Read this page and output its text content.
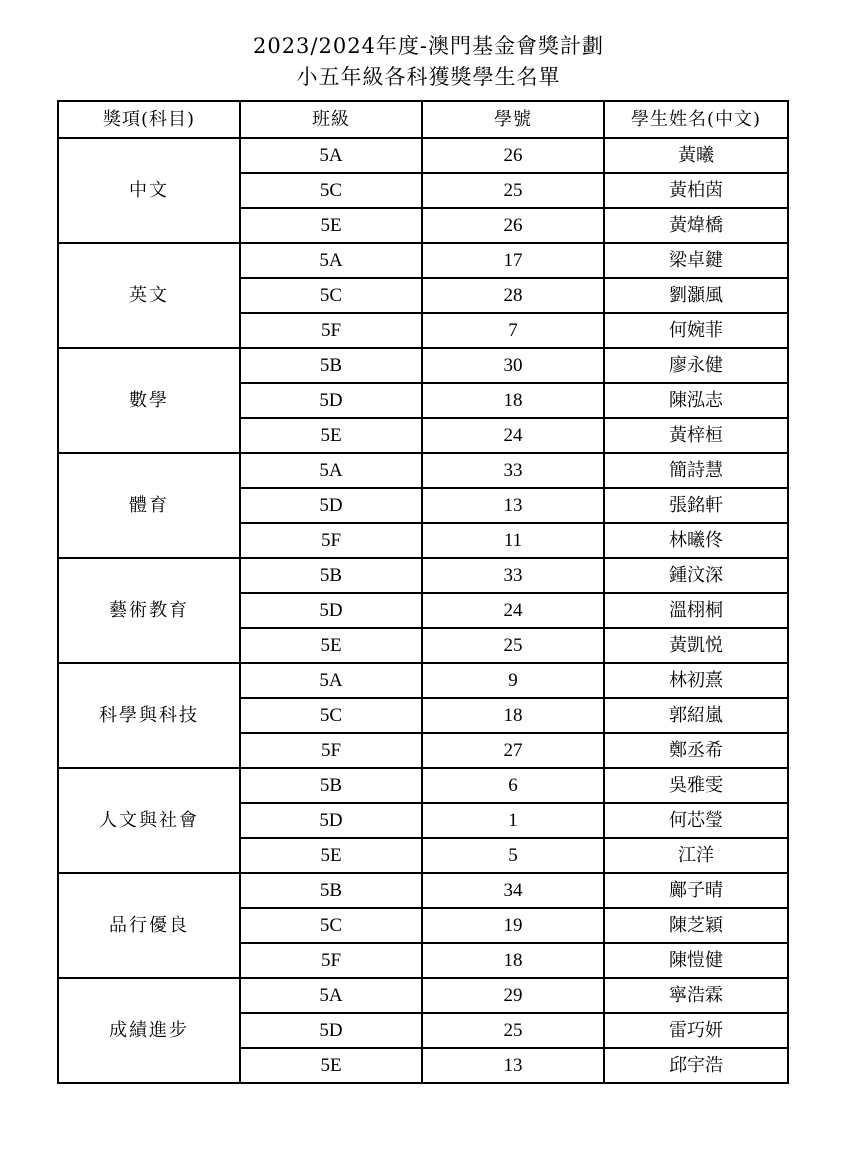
2023/2024年度-澳門基金會獎計劃
小五年級各科獲獎學生名單
獎項(科目)	班級	學號	學生姓名(中文)
中文	5A	26	黃曦
	5C	25	黃柏茵
	5E	26	黃煒橋
英文	5A	17	梁卓鍵
	5C	28	劉灝風
	5F	7	何婉菲
數學	5B	30	廖永健
	5D	18	陳泓志
	5E	24	黃梓桓
體育	5A	33	簡詩慧
	5D	13	張銘軒
	5F	11	林曦佟
藝術教育	5B	33	鍾汶深
	5D	24	溫栩桐
	5E	25	黃凱悦
科學與科技	5A	9	林初熹
	5C	18	郭紹嵐
	5F	27	鄭丞希
人文與社會	5B	6	吳雅雯
	5D	1	何芯瑩
	5E	5	江洋
品行優良	5B	34	鄺子晴
	5C	19	陳芝穎
	5F	18	陳愷健
成績進步	5A	29	寧浩霖
	5D	25	雷巧妍
	5E	13	邱宇浩
